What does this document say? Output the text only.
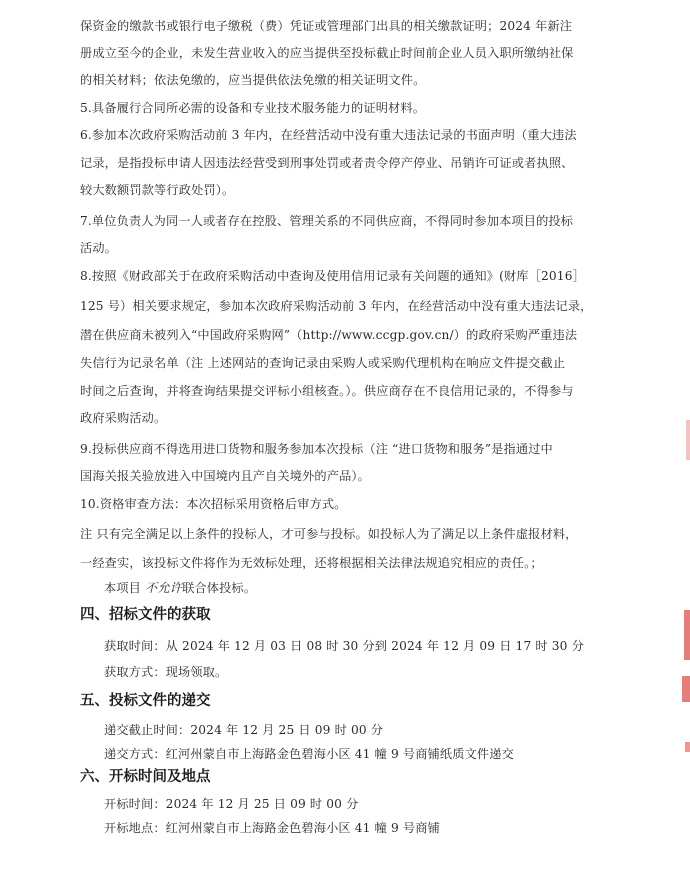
保资金的缴款书或银行电子缴税（费）凭证或管理部门出具的相关缴款证明；2024 年新注
册成立至今的企业，未发生营业收入的应当提供至投标截止时间前企业人员入职所缴纳社保
的相关材料；依法免缴的，应当提供依法免缴的相关证明文件。
5.具备履行合同所必需的设备和专业技术服务能力的证明材料。
6.参加本次政府采购活动前 3 年内，在经营活动中没有重大违法记录的书面声明（重大违法
记录，是指投标申请人因违法经营受到刑事处罚或者责令停产停业、吊销许可证或者执照、
较大数额罚款等行政处罚）。
7.单位负责人为同一人或者存在控股、管理关系的不同供应商，不得同时参加本项目的投标
活动。
8.按照《财政部关于在政府采购活动中查询及使用信用记录有关问题的通知》(财库［2016］
125 号）相关要求规定，参加本次政府采购活动前 3 年内，在经营活动中没有重大违法记录，
潜在供应商未被列入“中国政府采购网”（http://www.ccgp.gov.cn/）的政府采购严重违法
失信行为记录名单（注 上述网站的查询记录由采购人或采购代理机构在响应文件提交截止
时间之后查询，并将查询结果提交评标小组核查。）。供应商存在不良信用记录的，不得参与
政府采购活动。
9.投标供应商不得选用进口货物和服务参加本次投标（注 “进口货物和服务”是指通过中
国海关报关验放进入中国境内且产自关境外的产品）。
10.资格审查方法：本次招标采用资格后审方式。
注 只有完全满足以上条件的投标人，才可参与投标。如投标人为了满足以上条件虚报材料，
一经查实，该投标文件将作为无效标处理，还将根据相关法律法规追究相应的责任。；
本项目 不允许联合体投标。
四、招标文件的获取
获取时间：从 2024 年 12 月 03 日 08 时 30 分到 2024 年 12 月 09 日 17 时 30 分
获取方式：现场领取。
五、投标文件的递交
递交截止时间：2024 年 12 月 25 日 09 时 00 分
递交方式：红河州蒙自市上海路金色碧海小区 41 幢 9 号商铺纸质文件递交
六、开标时间及地点
开标时间：2024 年 12 月 25 日 09 时 00 分
开标地点：红河州蒙自市上海路金色碧海小区 41 幢 9 号商铺
